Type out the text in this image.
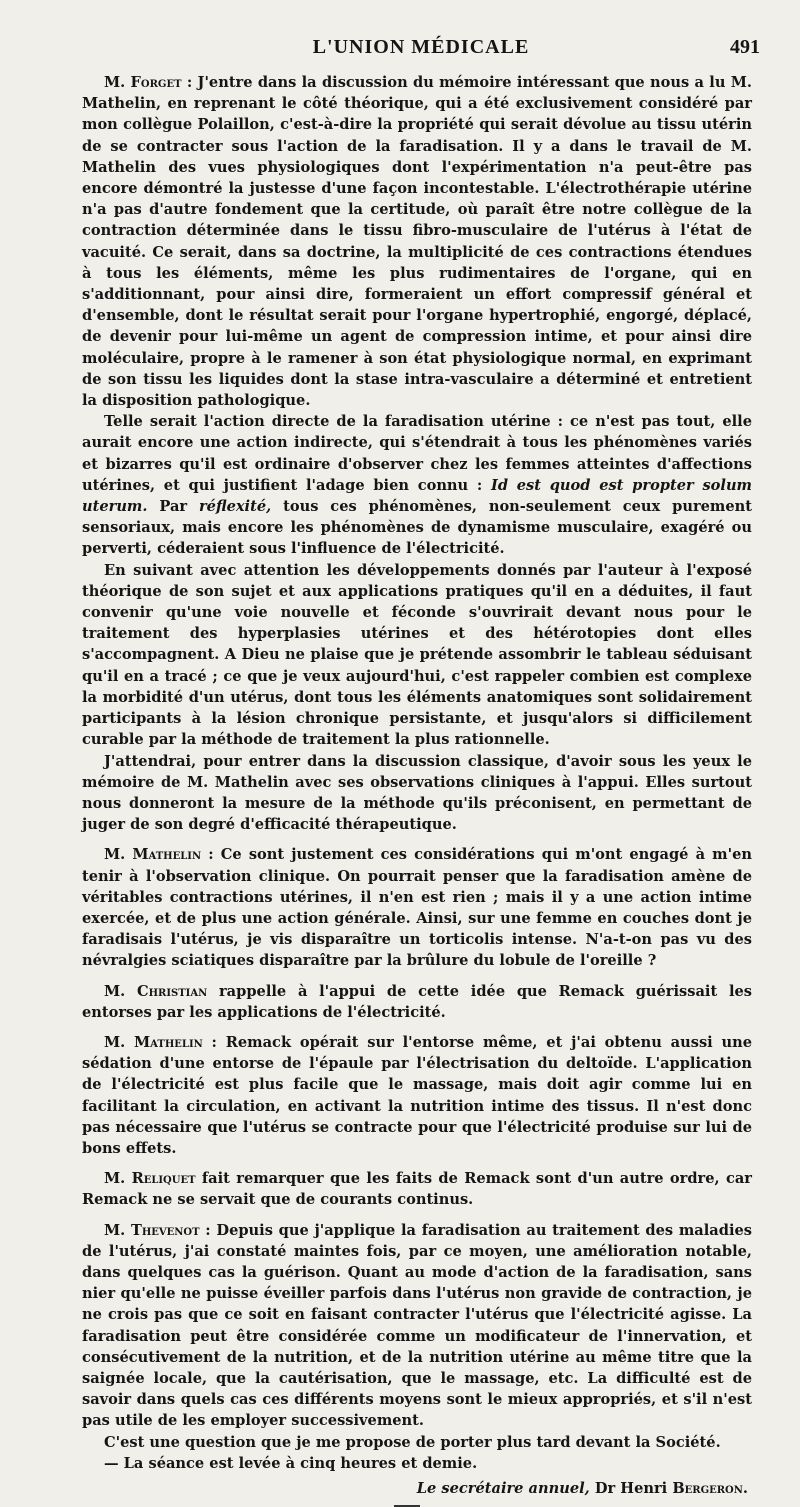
L'UNION MÉDICALE	491

M. Forget : J'entre dans la discussion du mémoire intéressant que nous a lu M. Mathelin, en reprenant le côté théorique, qui a été exclusivement considéré par mon collègue Polaillon, c'est-à-dire la propriété qui serait dévolue au tissu utérin de se contracter sous l'action de la faradisation. Il y a dans le travail de M. Mathelin des vues physiologiques dont l'expérimentation n'a peut-être pas encore démontré la justesse d'une façon incontestable. L'électrothérapie utérine n'a pas d'autre fondement que la certitude, où paraît être notre collègue de la contraction déterminée dans le tissu fibro-musculaire de l'utérus à l'état de vacuité. Ce serait, dans sa doctrine, la multiplicité de ces contractions étendues à tous les éléments, même les plus rudimentaires de l'organe, qui en s'additionnant, pour ainsi dire, formeraient un effort compressif général et d'ensemble, dont le résultat serait pour l'organe hypertrophié, engorgé, déplacé, de devenir pour lui-même un agent de compression intime, et pour ainsi dire moléculaire, propre à le ramener à son état physiologique normal, en exprimant de son tissu les liquides dont la stase intra-vasculaire a déterminé et entretient la disposition pathologique.

Telle serait l'action directe de la faradisation utérine : ce n'est pas tout, elle aurait encore une action indirecte, qui s'étendrait à tous les phénomènes variés et bizarres qu'il est ordinaire d'observer chez les femmes atteintes d'affections utérines, et qui justifient l'adage bien connu : Id est quod est propter solum uterum. Par réflexité, tous ces phénomènes, non-seulement ceux purement sensoriaux, mais encore les phénomènes de dynamisme musculaire, exagéré ou perverti, céderaient sous l'influence de l'électricité.

En suivant avec attention les développements donnés par l'auteur à l'exposé théorique de son sujet et aux applications pratiques qu'il en a déduites, il faut convenir qu'une voie nouvelle et féconde s'ouvrirait devant nous pour le traitement des hyperplasies utérines et des hétérotopies dont elles s'accompagnent. A Dieu ne plaise que je prétende assombrir le tableau séduisant qu'il en a tracé ; ce que je veux aujourd'hui, c'est rappeler combien est complexe la morbidité d'un utérus, dont tous les éléments anatomiques sont solidairement participants à la lésion chronique persistante, et jusqu'alors si difficilement curable par la méthode de traitement la plus rationnelle.

J'attendrai, pour entrer dans la discussion classique, d'avoir sous les yeux le mémoire de M. Mathelin avec ses observations cliniques à l'appui. Elles surtout nous donneront la mesure de la méthode qu'ils préconisent, en permettant de juger de son degré d'efficacité thérapeutique.

M. Mathelin : Ce sont justement ces considérations qui m'ont engagé à m'en tenir à l'observation clinique. On pourrait penser que la faradisation amène de véritables contractions utérines, il n'en est rien ; mais il y a une action intime exercée, et de plus une action générale. Ainsi, sur une femme en couches dont je faradisais l'utérus, je vis disparaître un torticolis intense. N'a-t-on pas vu des névralgies sciatiques disparaître par la brûlure du lobule de l'oreille ?

M. Christian rappelle à l'appui de cette idée que Remack guérissait les entorses par les applications de l'électricité.

M. Mathelin : Remack opérait sur l'entorse même, et j'ai obtenu aussi une sédation d'une entorse de l'épaule par l'électrisation du deltoïde. L'application de l'électricité est plus facile que le massage, mais doit agir comme lui en facilitant la circulation, en activant la nutrition intime des tissus. Il n'est donc pas nécessaire que l'utérus se contracte pour que l'électricité produise sur lui de bons effets.

M. Reliquet fait remarquer que les faits de Remack sont d'un autre ordre, car Remack ne se servait que de courants continus.

M. Thevenot : Depuis que j'applique la faradisation au traitement des maladies de l'utérus, j'ai constaté maintes fois, par ce moyen, une amélioration notable, dans quelques cas la guérison. Quant au mode d'action de la faradisation, sans nier qu'elle ne puisse éveiller parfois dans l'utérus non gravide de contraction, je ne crois pas que ce soit en faisant contracter l'utérus que l'électricité agisse. La faradisation peut être considérée comme un modificateur de l'innervation, et consécutivement de la nutrition, et de la nutrition utérine au même titre que la saignée locale, que la cautérisation, que le massage, etc. La difficulté est de savoir dans quels cas ces différents moyens sont le mieux appropriés, et s'il n'est pas utile de les employer successivement.

C'est une question que je me propose de porter plus tard devant la Société.

— La séance est levée à cinq heures et demie.

Le secrétaire annuel, Dr Henri Bergeron.
